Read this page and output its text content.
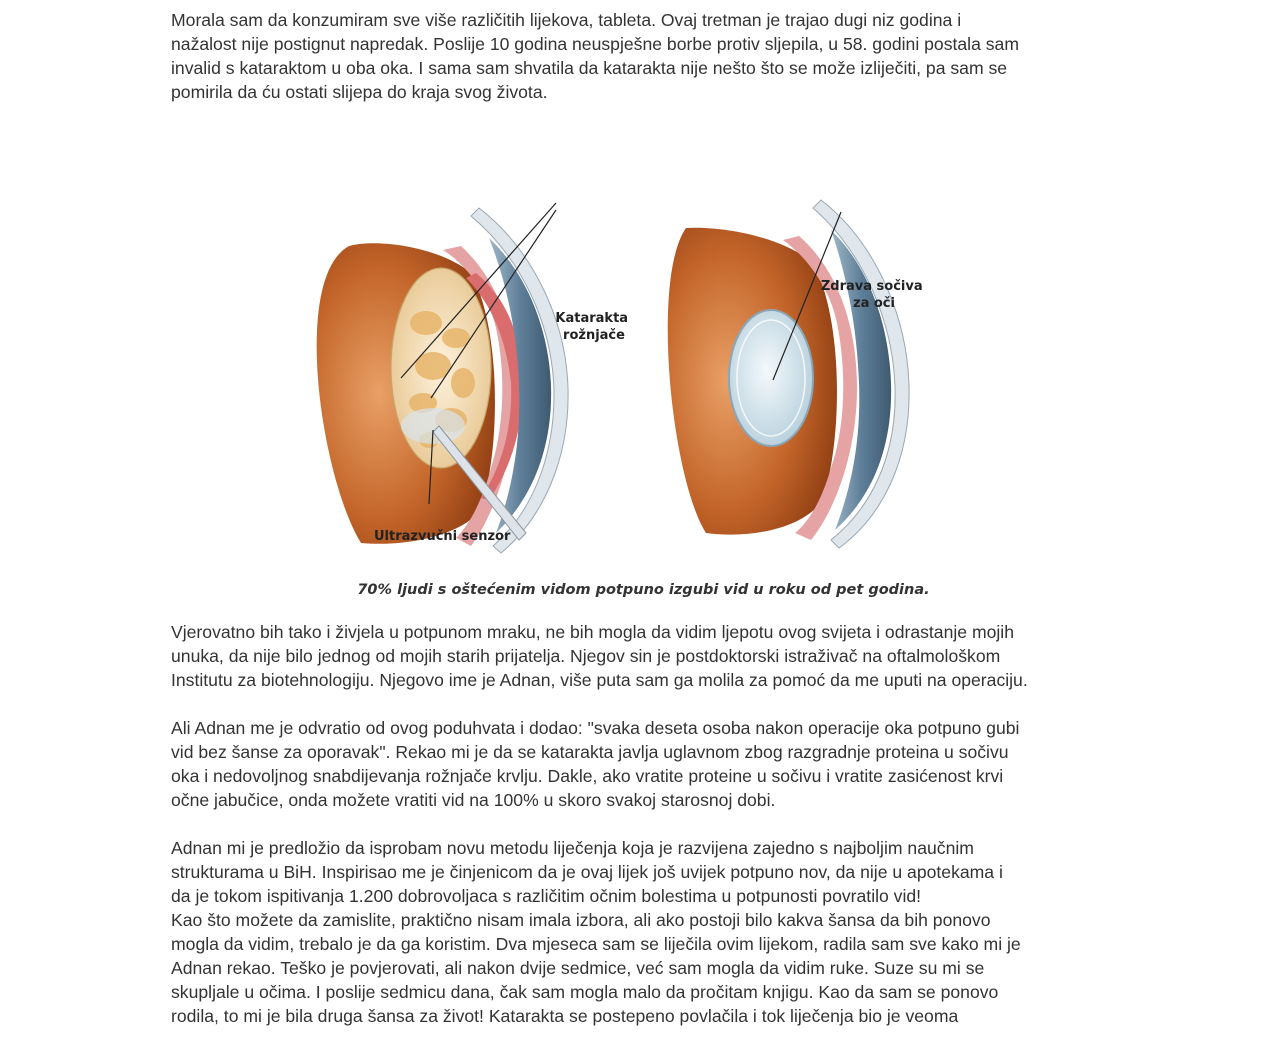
Morala sam da konzumiram sve više različitih lijekova, tableta. Ovaj tretman je trajao dugi niz godina i
nažalost nije postignut napredak. Poslije 10 godina neuspješne borbe protiv sljepila, u 58. godini postala sam
invalid s kataraktom u oba oka. I sama sam shvatila da katarakta nije nešto što se može izliječiti, pa sam se
pomirila da ću ostati slijepa do kraja svog života.

Katarakta rožnjače
Zdrava sočiva za oči
Ultrazvučni senzor
70% ljudi s oštećenim vidom potpuno izgubi vid u roku od pet godina.

Vjerovatno bih tako i živjela u potpunom mraku, ne bih mogla da vidim ljepotu ovog svijeta i odrastanje mojih
unuka, da nije bilo jednog od mojih starih prijatelja. Njegov sin je postdoktorski istraživač na oftalmološkom
Institutu za biotehnologiju. Njegovo ime je Adnan, više puta sam ga molila za pomoć da me uputi na operaciju.

Ali Adnan me je odvratio od ovog poduhvata i dodao: "svaka deseta osoba nakon operacije oka potpuno gubi
vid bez šanse za oporavak". Rekao mi je da se katarakta javlja uglavnom zbog razgradnje proteina u sočivu
oka i nedovoljnog snabdijevanja rožnjače krvlju. Dakle, ako vratite proteine u sočivu i vratite zasićenost krvi
očne jabučice, onda možete vratiti vid na 100% u skoro svakoj starosnoj dobi.

Adnan mi je predložio da isprobam novu metodu liječenja koja je razvijena zajedno s najboljim naučnim
strukturama u BiH. Inspirisao me je činjenicom da je ovaj lijek još uvijek potpuno nov, da nije u apotekama i
da je tokom ispitivanja 1.200 dobrovoljaca s različitim očnim bolestima u potpunosti povratilo vid!

Kao što možete da zamislite, praktično nisam imala izbora, ali ako postoji bilo kakva šansa da bih ponovo
mogla da vidim, trebalo je da ga koristim. Dva mjeseca sam se liječila ovim lijekom, radila sam sve kako mi je
Adnan rekao. Teško je povjerovati, ali nakon dvije sedmice, već sam mogla da vidim ruke. Suze su mi se
skupljale u očima. I poslije sedmicu dana, čak sam mogla malo da pročitam knjigu. Kao da sam se ponovo
rodila, to mi je bila druga šansa za život! Katarakta se postepeno povlačila i tok liječenja bio je veoma
